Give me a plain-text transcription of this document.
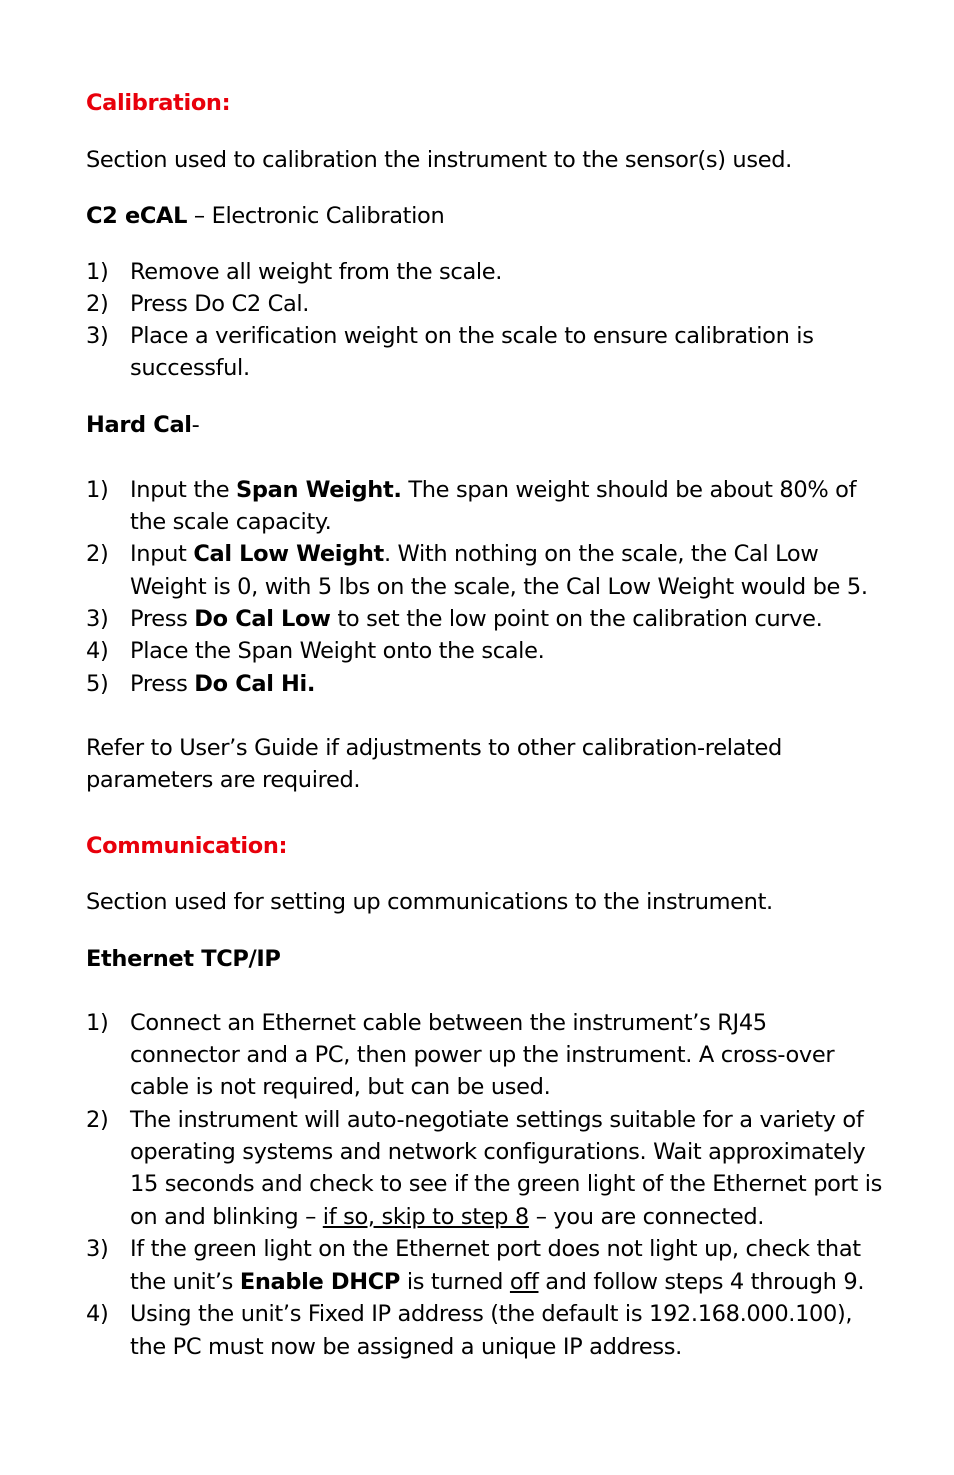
Calibration:
Section used to calibration the instrument to the sensor(s) used.
C2 eCAL – Electronic Calibration
1) Remove all weight from the scale.
2) Press Do C2 Cal.
3) Place a verification weight on the scale to ensure calibration is
successful.
Hard Cal-
1) Input the Span Weight. The span weight should be about 80% of
the scale capacity.
2) Input Cal Low Weight. With nothing on the scale, the Cal Low
Weight is 0, with 5 lbs on the scale, the Cal Low Weight would be 5.
3) Press Do Cal Low to set the low point on the calibration curve.
4) Place the Span Weight onto the scale.
5) Press Do Cal Hi.
Refer to User’s Guide if adjustments to other calibration-related
parameters are required.
Communication:
Section used for setting up communications to the instrument.
Ethernet TCP/IP
1) Connect an Ethernet cable between the instrument’s RJ45
connector and a PC, then power up the instrument. A cross-over
cable is not required, but can be used.
2) The instrument will auto-negotiate settings suitable for a variety of
operating systems and network configurations. Wait approximately
15 seconds and check to see if the green light of the Ethernet port is
on and blinking – if so, skip to step 8 – you are connected.
3) If the green light on the Ethernet port does not light up, check that
the unit’s Enable DHCP is turned off and follow steps 4 through 9.
4) Using the unit’s Fixed IP address (the default is 192.168.000.100),
the PC must now be assigned a unique IP address.
